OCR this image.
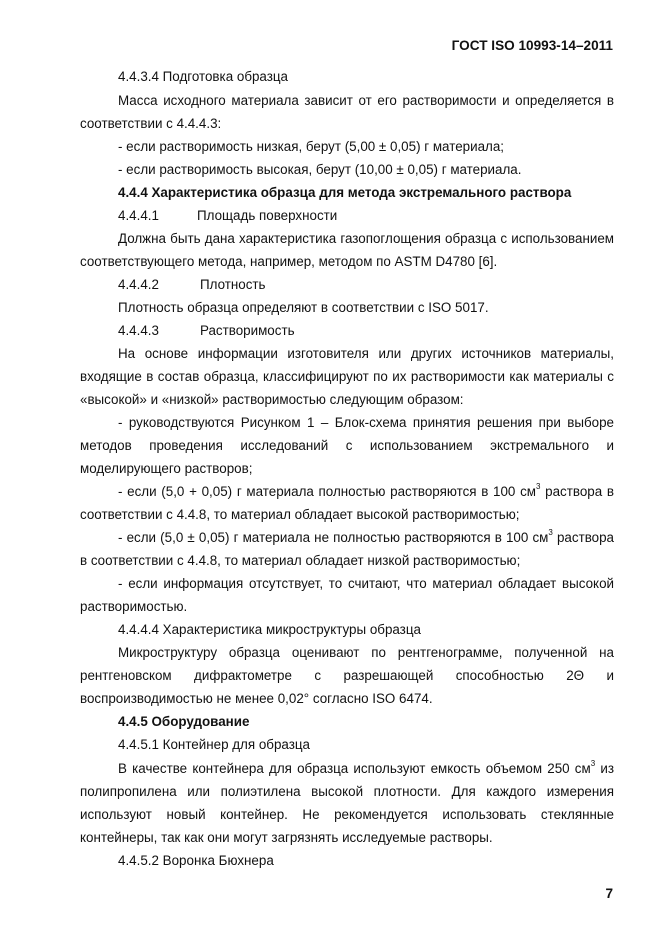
ГОСТ ISO 10993-14–2011
4.4.3.4 Подготовка образца
Масса исходного материала зависит от его растворимости и определяется в
соответствии с 4.4.4.3:
- если растворимость низкая, берут (5,00 ± 0,05) г материала;
- если растворимость высокая, берут (10,00 ± 0,05) г материала.
4.4.4 Характеристика образца для метода экстремального раствора
4.4.4.1	Площадь поверхности
Должна быть дана характеристика газопоглощения образца с использованием
соответствующего метода, например, методом по ASTM D4780 [6].
4.4.4.2	Плотность
Плотность образца определяют в соответствии с ISO 5017.
4.4.4.3	Растворимость
На основе информации изготовителя или других источников материалы,
входящие в состав образца, классифицируют по их растворимости как материалы с
«высокой» и «низкой» растворимостью следующим образом:
- руководствуются Рисунком 1 – Блок-схема принятия решения при выборе
методов проведения исследований с использованием экстремального и
моделирующего растворов;
- если (5,0 + 0,05) г материала полностью растворяются в 100 $см^3$ раствора в
соответствии с 4.4.8, то материал обладает высокой растворимостью;
- если (5,0 ± 0,05) г материала не полностью растворяются в 100 $см^3$ раствора
в соответствии с 4.4.8, то материал обладает низкой растворимостью;
- если информация отсутствует, то считают, что материал обладает высокой
растворимостью.
4.4.4.4 Характеристика микроструктуры образца
Микроструктуру образца оценивают по рентгенограмме, полученной на
рентгеновском дифрактометре с разрешающей способностью 2Θ и
воспроизводимостью не менее 0,02° согласно ISO 6474.
4.4.5 Оборудование
4.4.5.1 Контейнер для образца
В качестве контейнера для образца используют емкость объемом 250 $см^3$ из
полипропилена или полиэтилена высокой плотности. Для каждого измерения
используют новый контейнер. Не рекомендуется использовать стеклянные
контейнеры, так как они могут загрязнять исследуемые растворы.
4.4.5.2 Воронка Бюхнера
7
